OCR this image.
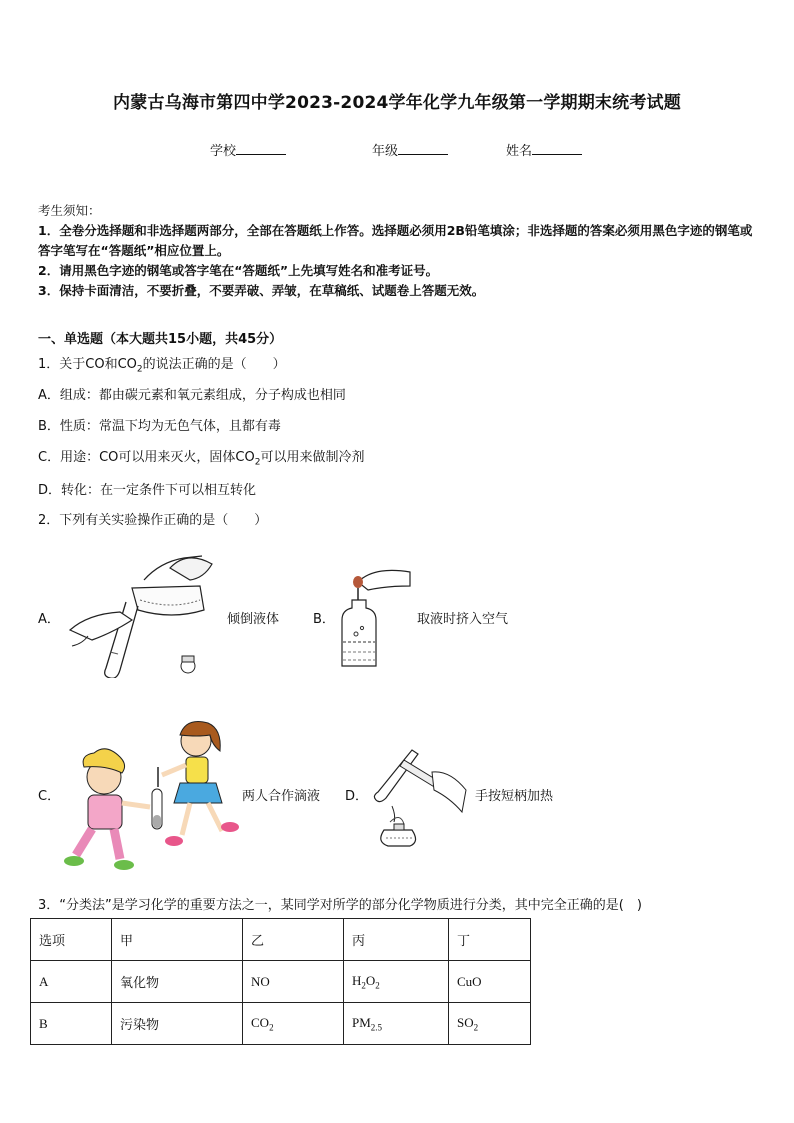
内蒙古乌海市第四中学2023-2024学年化学九年级第一学期期末统考试题
学校	年级	姓名
考生须知：
1．全卷分选择题和非选择题两部分，全部在答题纸上作答。选择题必须用2B铅笔填涂；非选择题的答案必须用黑色字迹的钢笔或答字笔写在“答题纸”相应位置上。
2．请用黑色字迹的钢笔或答字笔在“答题纸”上先填写姓名和准考证号。
3．保持卡面清洁，不要折叠，不要弄破、弄皱，在草稿纸、试题卷上答题无效。
一、单选题（本大题共15小题，共45分）
1．关于CO和$CO_2$的说法正确的是（　　）
A．组成：都由碳元素和氧元素组成，分子构成也相同
B．性质：常温下均为无色气体，且都有毒
C．用途：CO可以用来灭火，固体$CO_2$可以用来做制冷剂
D．转化：在一定条件下可以相互转化
2．下列有关实验操作正确的是（　　）
A．	倾倒液体	B．	取液时挤入空气
C．	两人合作滴液 D．	手按短柄加热
3．“分类法”是学习化学的重要方法之一，某同学对所学的部分化学物质进行分类，其中完全正确的是(　)
选项	甲	乙	丙	丁
A	氧化物	NO	$H_2O_2$	CuO
B	污染物	$CO_2$	$PM_{2.5}$	$SO_2$
